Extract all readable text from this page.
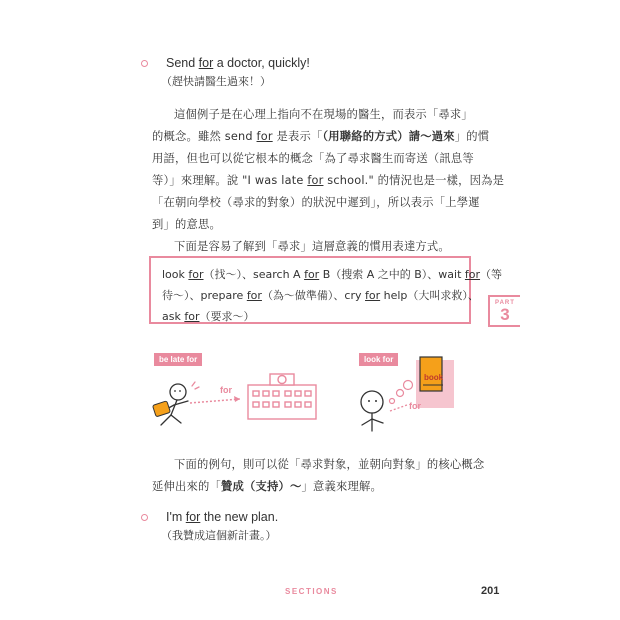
Send for a doctor, quickly!
（趕快請醫生過來！）
這個例子是在心理上指向不在現場的醫生，而表示「尋求」
的概念。雖然 send for 是表示「（用聯絡的方式）請～過來」的慣
用語，但也可以從它根本的概念「為了尋求醫生而寄送（訊息等
等）」來理解。說 "I was late for school." 的情況也是一樣，因為是
「在朝向學校（尋求的對象）的狀況中遲到」，所以表示「上學遲
到」的意思。
下面是容易了解到「尋求」這層意義的慣用表達方式。
look for（找～）、search A for B（搜索 A 之中的 B）、wait for（等
待～）、prepare for（為～做準備）、cry for help（大叫求救）、
ask for（要求～）
PART
3
be late for
for
look for
book
for
下面的例句，則可以從「尋求對象，並朝向對象」的核心概念
延伸出來的「贊成（支持）～」意義來理解。
I'm for the new plan.
（我贊成這個新計畫。）
SECTIONS	201
